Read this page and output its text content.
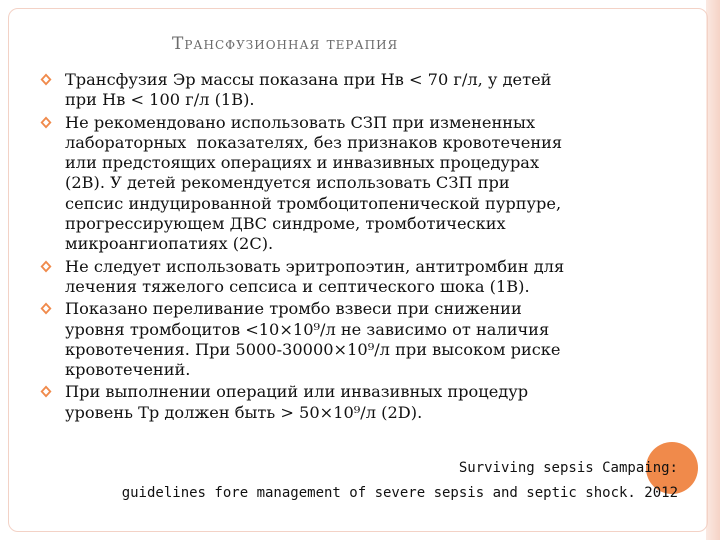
Трансфузионная терапия
Трансфузия Эр массы показана при Нв < 70 г/л, у детей
при Нв < 100 г/л (1В).
Не рекомендовано использовать СЗП при измененных
лабораторных  показателях, без признаков кровотечения
или предстоящих операциях и инвазивных процедурах
(2В). У детей рекомендуется использовать СЗП при
сепсис индуцированной тромбоцитопенической пурпуре,
прогрессирующем ДВС синдроме, тромботических
микроангиопатиях (2С).
Не следует использовать эритропоэтин, антитромбин для
лечения тяжелого сепсиса и септического шока (1В).
Показано переливание тромбо взвеси при снижении
уровня тромбоцитов <10×10⁹/л не зависимо от наличия
кровотечения. При 5000-30000×10⁹/л при высоком риске
кровотечений.
При выполнении операций или инвазивных процедур
уровень Тр должен быть > 50×10⁹/л (2D).
Surviving sepsis Campaing:
guidelines fore management of severe sepsis and septic shock. 2012
